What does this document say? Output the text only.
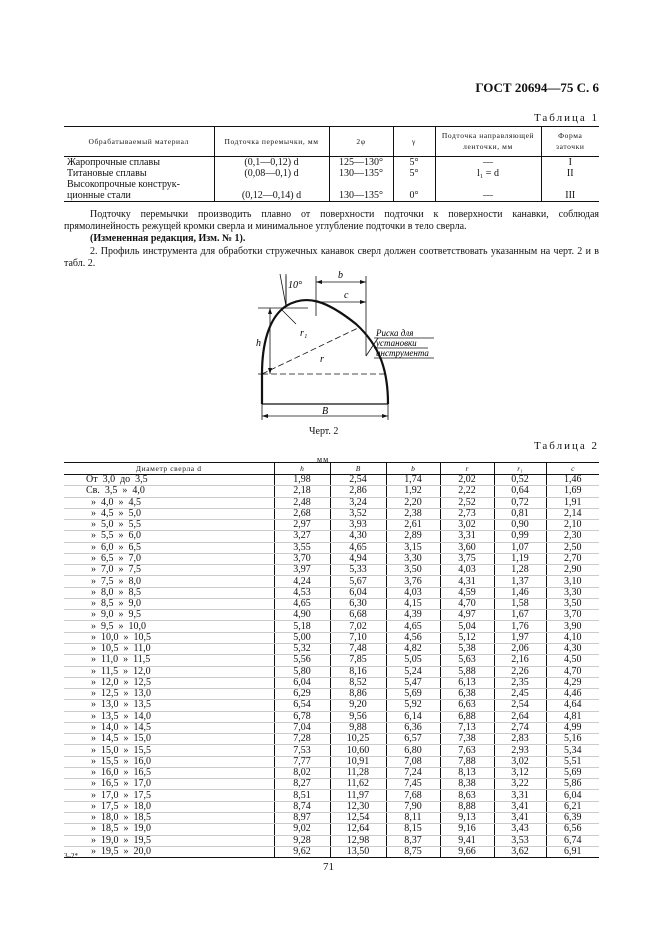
ГОСТ 20694—75 С. 6
Таблица 1
Обрабатываемый материал	Подточка перемычки, мм	2φ	γ	Подточка направляющей ленточки, мм	Форма заточки
Жаропрочные сплавы	(0,1—0,12) d	125—130°	5°	—	I
Титановые сплавы	(0,08—0,1) d	130—135°	5°	l₁ = d	II
Высокопрочные конструк-					
ционные стали	(0,12—0,14) d	130—135°	0°	—	III
Подточку перемычки производить плавно от поверхности подточки к поверхности канавки, соблюдая прямолинейность режущей кромки сверла и минимальное углубление подточки в тело сверла.
(Измененная редакция, Изм. № 1).
2. Профиль инструмента для обработки стружечных канавок сверл должен соответствовать указанным на черт. 2 и в табл. 2.
10°
b
c
r₁
r
h
B
Риска для
установки
инструмента
Черт. 2
Таблица 2
мм
Диаметр сверла d	h	B	b	r	r₁	c
От  3,0  до  3,5	1,98	2,54	1,74	2,02	0,52	1,46
Св.  3,5  »  4,0	2,18	2,86	1,92	2,22	0,64	1,69
»  4,0  »  4,5	2,48	3,24	2,20	2,52	0,72	1,91
»  4,5  »  5,0	2,68	3,52	2,38	2,73	0,81	2,14
»  5,0  »  5,5	2,97	3,93	2,61	3,02	0,90	2,10
»  5,5  »  6,0	3,27	4,30	2,89	3,31	0,99	2,30
»  6,0  »  6,5	3,55	4,65	3,15	3,60	1,07	2,50
»  6,5  »  7,0	3,70	4,94	3,30	3,75	1,19	2,70
»  7,0  »  7,5	3,97	5,33	3,50	4,03	1,28	2,90
»  7,5  »  8,0	4,24	5,67	3,76	4,31	1,37	3,10
»  8,0  »  8,5	4,53	6,04	4,03	4,59	1,46	3,30
»  8,5  »  9,0	4,65	6,30	4,15	4,70	1,58	3,50
»  9,0  »  9,5	4,90	6,68	4,39	4,97	1,67	3,70
»  9,5  »  10,0	5,18	7,02	4,65	5,04	1,76	3,90
»  10,0  »  10,5	5,00	7,10	4,56	5,12	1,97	4,10
»  10,5  »  11,0	5,32	7,48	4,82	5,38	2,06	4,30
»  11,0  »  11,5	5,56	7,85	5,05	5,63	2,16	4,50
»  11,5  »  12,0	5,80	8,16	5,24	5,88	2,26	4,70
»  12,0  »  12,5	6,04	8,52	5,47	6,13	2,35	4,29
»  12,5  »  13,0	6,29	8,86	5,69	6,38	2,45	4,46
»  13,0  »  13,5	6,54	9,20	5,92	6,63	2,54	4,64
»  13,5  »  14,0	6,78	9,56	6,14	6,88	2,64	4,81
»  14,0  »  14,5	7,04	9,88	6,36	7,13	2,74	4,99
»  14,5  »  15,0	7,28	10,25	6,57	7,38	2,83	5,16
»  15,0  »  15,5	7,53	10,60	6,80	7,63	2,93	5,34
»  15,5  »  16,0	7,77	10,91	7,08	7,88	3,02	5,51
»  16,0  »  16,5	8,02	11,28	7,24	8,13	3,12	5,69
»  16,5  »  17,0	8,27	11,62	7,45	8,38	3,22	5,86
»  17,0  »  17,5	8,51	11,97	7,68	8,63	3,31	6,04
»  17,5  »  18,0	8,74	12,30	7,90	8,88	3,41	6,21
»  18,0  »  18,5	8,97	12,54	8,11	9,13	3,41	6,39
»  18,5  »  19,0	9,02	12,64	8,15	9,16	3,43	6,56
»  19,0  »  19,5	9,28	12,98	8,37	9,41	3,53	6,74
»  19,5  »  20,0	9,62	13,50	8,75	9,66	3,62	6,91
3–2*
71
